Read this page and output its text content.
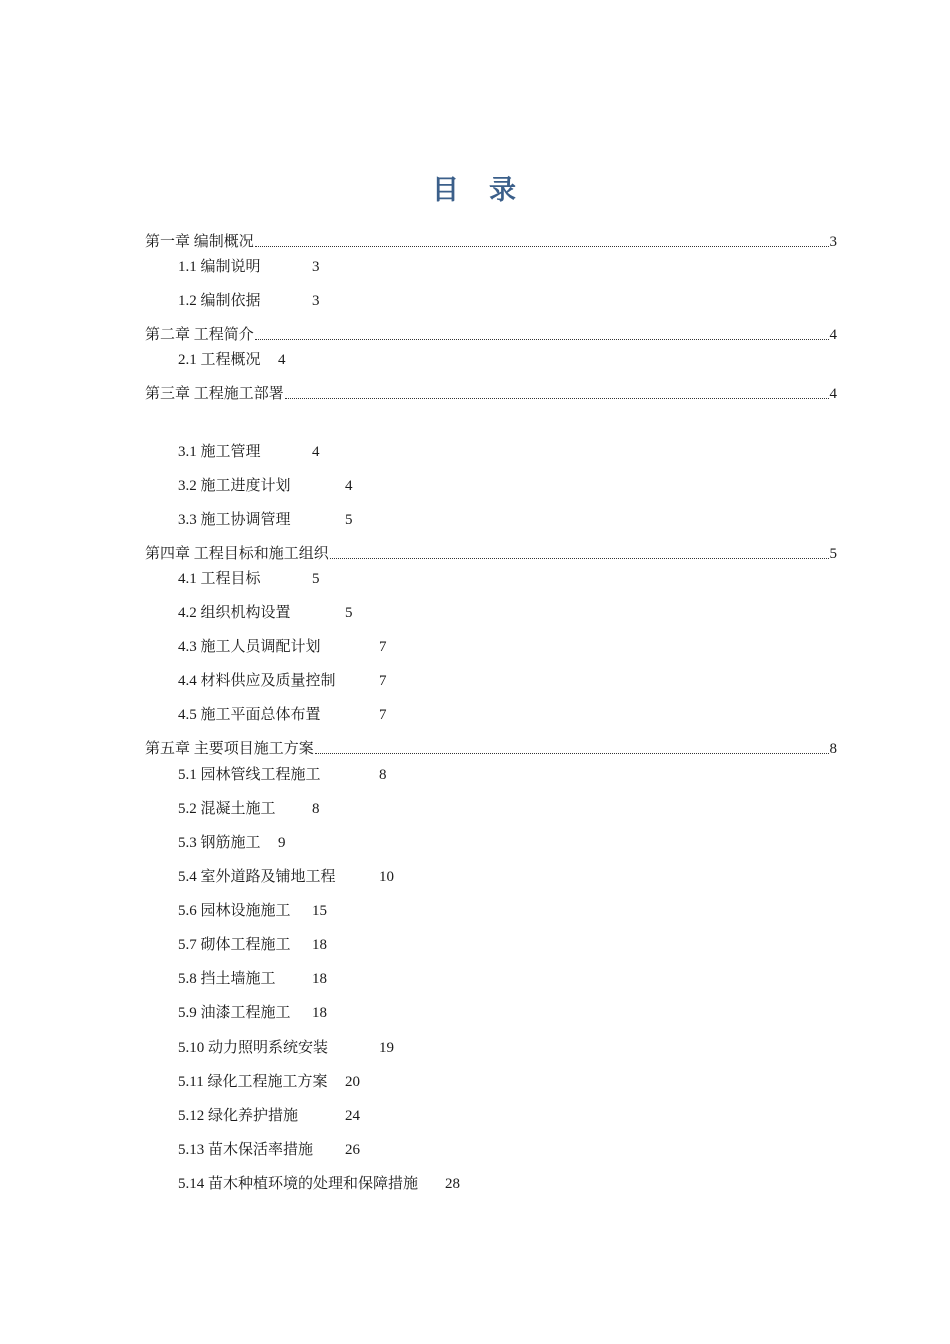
目 录
第一章 编制概况	3
1.1 编制说明	3
1.2 编制依据	3
第二章 工程简介	4
2.1 工程概况 4
第三章 工程施工部署	4
3.1 施工管理	4
3.2 施工进度计划	4
3.3 施工协调管理	5
第四章 工程目标和施工组织	5
4.1 工程目标	5
4.2 组织机构设置	5
4.3 施工人员调配计划	7
4.4 材料供应及质量控制	7
4.5 施工平面总体布置	7
第五章 主要项目施工方案	8
5.1 园林管线工程施工	8
5.2 混凝土施工 8
5.3 钢筋施工 9
5.4 室外道路及铺地工程	10
5.6 园林设施施工 15
5.7 砌体工程施工 18
5.8 挡土墙施工 18
5.9 油漆工程施工 18
5.10 动力照明系统安装	19
5.11 绿化工程施工方案 20
5.12 绿化养护措施	24
5.13 苗木保活率措施 26
5.14 苗木种植环境的处理和保障措施 28
